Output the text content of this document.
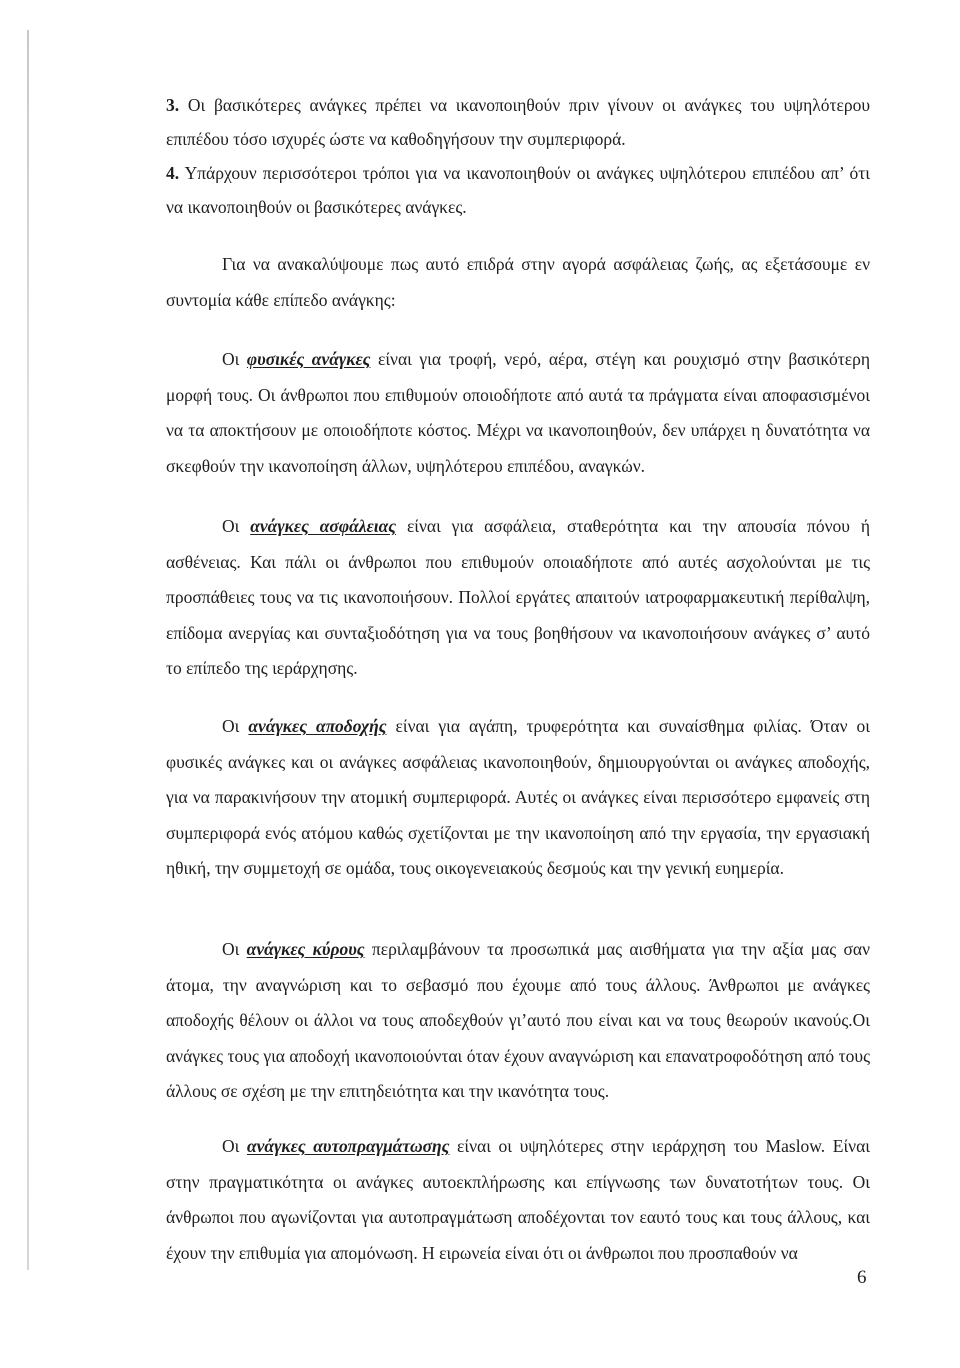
3. Οι βασικότερες ανάγκες πρέπει να ικανοποιηθούν πριν γίνουν οι ανάγκες του υψηλότερου επιπέδου τόσο ισχυρές ώστε να καθοδηγήσουν την συμπεριφορά.
4. Υπάρχουν περισσότεροι τρόποι για να ικανοποιηθούν οι ανάγκες υψηλότερου επιπέδου απ’ ότι να ικανοποιηθούν οι βασικότερες ανάγκες.

Για να ανακαλύψουμε πως αυτό επιδρά στην αγορά ασφάλειας ζωής, ας εξετάσουμε εν συντομία κάθε επίπεδο ανάγκης:

Οι φυσικές ανάγκες είναι για τροφή, νερό, αέρα, στέγη και ρουχισμό στην βασικότερη μορφή τους. Οι άνθρωποι που επιθυμούν οποιοδήποτε από αυτά τα πράγματα είναι αποφασισμένοι να τα αποκτήσουν με οποιοδήποτε κόστος. Μέχρι να ικανοποιηθούν, δεν υπάρχει η δυνατότητα να σκεφθούν την ικανοποίηση άλλων, υψηλότερου επιπέδου, αναγκών.

Οι ανάγκες ασφάλειας είναι για ασφάλεια, σταθερότητα και την απουσία πόνου ή ασθένειας. Και πάλι οι άνθρωποι που επιθυμούν οποιαδήποτε από αυτές ασχολούνται με τις προσπάθειες τους να τις ικανοποιήσουν. Πολλοί εργάτες απαιτούν ιατροφαρμακευτική περίθαλψη, επίδομα ανεργίας και συνταξιοδότηση για να τους βοηθήσουν να ικανοποιήσουν ανάγκες σ’ αυτό το επίπεδο της ιεράρχησης.

Οι ανάγκες αποδοχής είναι για αγάπη, τρυφερότητα και συναίσθημα φιλίας. Όταν οι φυσικές ανάγκες και οι ανάγκες ασφάλειας ικανοποιηθούν, δημιουργούνται οι ανάγκες αποδοχής, για να παρακινήσουν την ατομική συμπεριφορά. Αυτές οι ανάγκες είναι περισσότερο εμφανείς στη συμπεριφορά ενός ατόμου καθώς σχετίζονται με την ικανοποίηση από την εργασία, την εργασιακή ηθική, την συμμετοχή σε ομάδα, τους οικογενειακούς δεσμούς και την γενική ευημερία.

Οι ανάγκες κύρους περιλαμβάνουν τα προσωπικά μας αισθήματα για την αξία μας σαν άτομα, την αναγνώριση και το σεβασμό που έχουμε από τους άλλους. Άνθρωποι με ανάγκες αποδοχής θέλουν οι άλλοι να τους αποδεχθούν γι’αυτό που είναι και να τους θεωρούν ικανούς.Οι ανάγκες τους για αποδοχή ικανοποιούνται όταν έχουν αναγνώριση και επανατροφοδότηση από τους άλλους σε σχέση με την επιτηδειότητα και την ικανότητα τους.

Οι ανάγκες αυτοπραγμάτωσης είναι οι υψηλότερες στην ιεράρχηση του Maslow. Είναι στην πραγματικότητα οι ανάγκες αυτοεκπλήρωσης και επίγνωσης των δυνατοτήτων τους. Οι άνθρωποι που αγωνίζονται για αυτοπραγμάτωση αποδέχονται τον εαυτό τους και τους άλλους, και έχουν την επιθυμία για απομόνωση. Η ειρωνεία είναι ότι οι άνθρωποι που προσπαθούν να

6
